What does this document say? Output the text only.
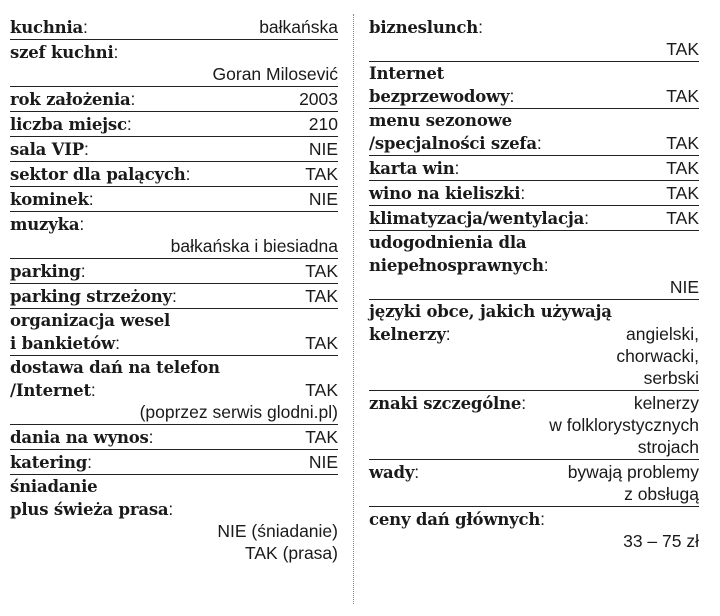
kuchnia:	bałkańska
szef kuchni:
Goran Milosević
rok założenia:	2003
liczba miejsc:	210
sala VIP:	NIE
sektor dla palących:	TAK
kominek:	NIE
muzyka:
bałkańska i biesiadna
parking:	TAK
parking strzeżony:	TAK
organizacja wesel
i bankietów:	TAK
dostawa dań na telefon
/Internet:	TAK
(poprzez serwis glodni.pl)
dania na wynos:	TAK
katering:	NIE
śniadanie
plus świeża prasa:
NIE (śniadanie)
TAK (prasa)
bizneslunch:
TAK
Internet
bezprzewodowy:	TAK
menu sezonowe
/specjalności szefa:	TAK
karta win:	TAK
wino na kieliszki:	TAK
klimatyzacja/wentylacja:	TAK
udogodnienia dla
niepełnosprawnych:
NIE
języki obce, jakich używają
kelnerzy:	angielski,
chorwacki,
serbski
znaki szczególne:	kelnerzy
w folklorystycznych
strojach
wady:	bywają problemy
z obsługą
ceny dań głównych:
33 – 75 zł
